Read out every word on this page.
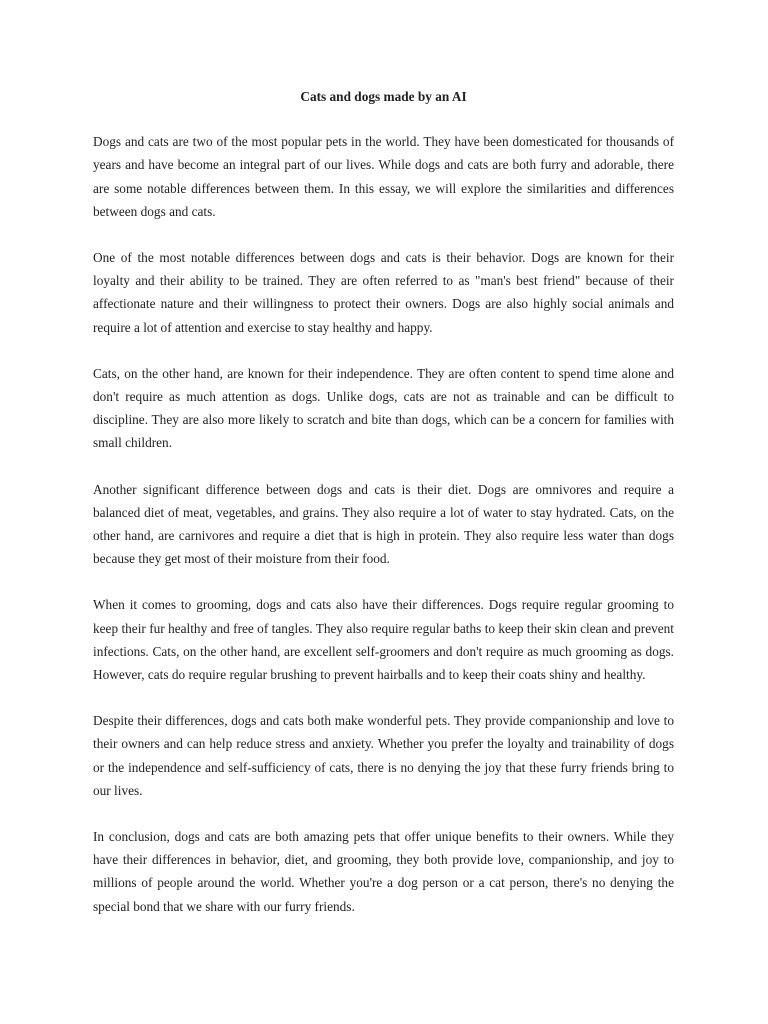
Cats and dogs made by an AI

Dogs and cats are two of the most popular pets in the world. They have been domesticated for thousands of years and have become an integral part of our lives. While dogs and cats are both furry and adorable, there are some notable differences between them. In this essay, we will explore the similarities and differences between dogs and cats.

One of the most notable differences between dogs and cats is their behavior. Dogs are known for their loyalty and their ability to be trained. They are often referred to as "man's best friend" because of their affectionate nature and their willingness to protect their owners. Dogs are also highly social animals and require a lot of attention and exercise to stay healthy and happy.

Cats, on the other hand, are known for their independence. They are often content to spend time alone and don't require as much attention as dogs. Unlike dogs, cats are not as trainable and can be difficult to discipline. They are also more likely to scratch and bite than dogs, which can be a concern for families with small children.

Another significant difference between dogs and cats is their diet. Dogs are omnivores and require a balanced diet of meat, vegetables, and grains. They also require a lot of water to stay hydrated. Cats, on the other hand, are carnivores and require a diet that is high in protein. They also require less water than dogs because they get most of their moisture from their food.

When it comes to grooming, dogs and cats also have their differences. Dogs require regular grooming to keep their fur healthy and free of tangles. They also require regular baths to keep their skin clean and prevent infections. Cats, on the other hand, are excellent self-groomers and don't require as much grooming as dogs. However, cats do require regular brushing to prevent hairballs and to keep their coats shiny and healthy.

Despite their differences, dogs and cats both make wonderful pets. They provide companionship and love to their owners and can help reduce stress and anxiety. Whether you prefer the loyalty and trainability of dogs or the independence and self-sufficiency of cats, there is no denying the joy that these furry friends bring to our lives.

In conclusion, dogs and cats are both amazing pets that offer unique benefits to their owners. While they have their differences in behavior, diet, and grooming, they both provide love, companionship, and joy to millions of people around the world. Whether you're a dog person or a cat person, there's no denying the special bond that we share with our furry friends.
